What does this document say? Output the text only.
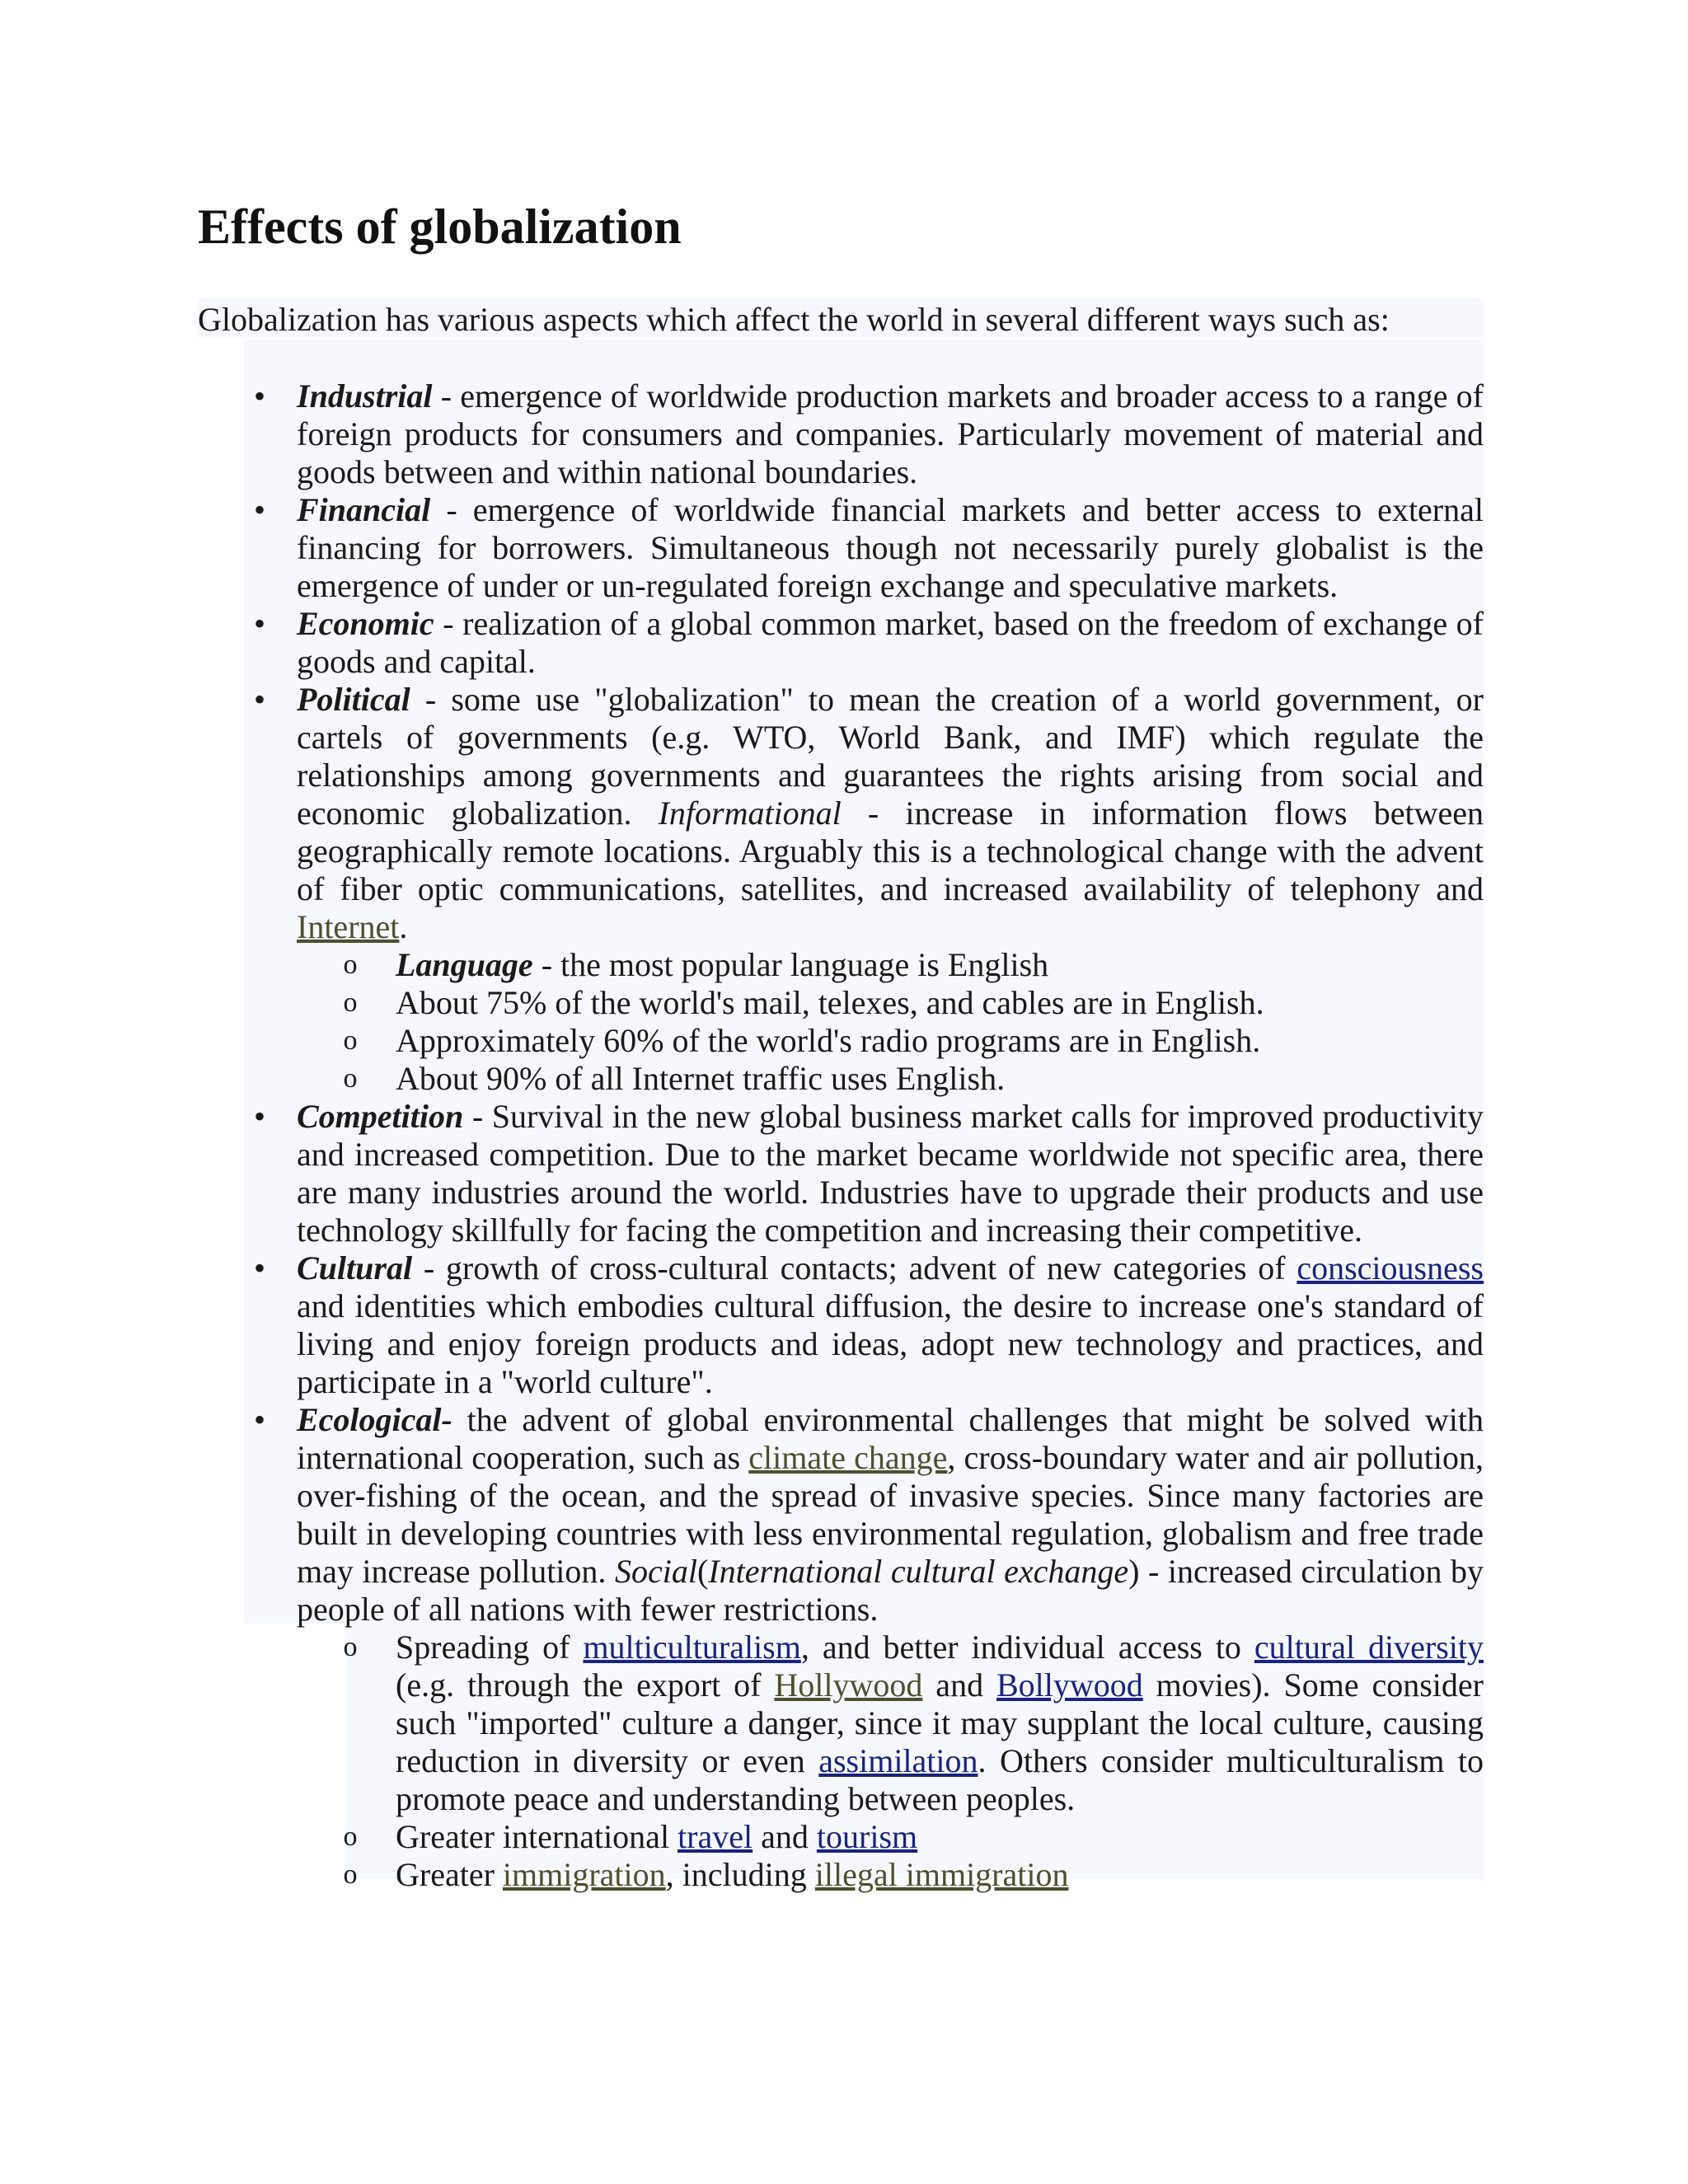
Effects of globalization

Globalization has various aspects which affect the world in several different ways such as:

• Industrial - emergence of worldwide production markets and broader access to a range of foreign products for consumers and companies. Particularly movement of material and goods between and within national boundaries.
• Financial - emergence of worldwide financial markets and better access to external financing for borrowers. Simultaneous though not necessarily purely globalist is the emergence of under or un-regulated foreign exchange and speculative markets.
• Economic - realization of a global common market, based on the freedom of exchange of goods and capital.
• Political - some use "globalization" to mean the creation of a world government, or cartels of governments (e.g. WTO, World Bank, and IMF) which regulate the relationships among governments and guarantees the rights arising from social and economic globalization. Informational - increase in information flows between geographically remote locations. Arguably this is a technological change with the advent of fiber optic communications, satellites, and increased availability of telephony and Internet.
o Language - the most popular language is English
o About 75% of the world's mail, telexes, and cables are in English.
o Approximately 60% of the world's radio programs are in English.
o About 90% of all Internet traffic uses English.
• Competition - Survival in the new global business market calls for improved productivity and increased competition. Due to the market became worldwide not specific area, there are many industries around the world. Industries have to upgrade their products and use technology skillfully for facing the competition and increasing their competitive.
• Cultural - growth of cross-cultural contacts; advent of new categories of consciousness and identities which embodies cultural diffusion, the desire to increase one's standard of living and enjoy foreign products and ideas, adopt new technology and practices, and participate in a "world culture".
• Ecological- the advent of global environmental challenges that might be solved with international cooperation, such as climate change, cross-boundary water and air pollution, over-fishing of the ocean, and the spread of invasive species. Since many factories are built in developing countries with less environmental regulation, globalism and free trade may increase pollution. Social(International cultural exchange) - increased circulation by people of all nations with fewer restrictions.
o Spreading of multiculturalism, and better individual access to cultural diversity (e.g. through the export of Hollywood and Bollywood movies). Some consider such "imported" culture a danger, since it may supplant the local culture, causing reduction in diversity or even assimilation. Others consider multiculturalism to promote peace and understanding between peoples.
o Greater international travel and tourism
o Greater immigration, including illegal immigration
